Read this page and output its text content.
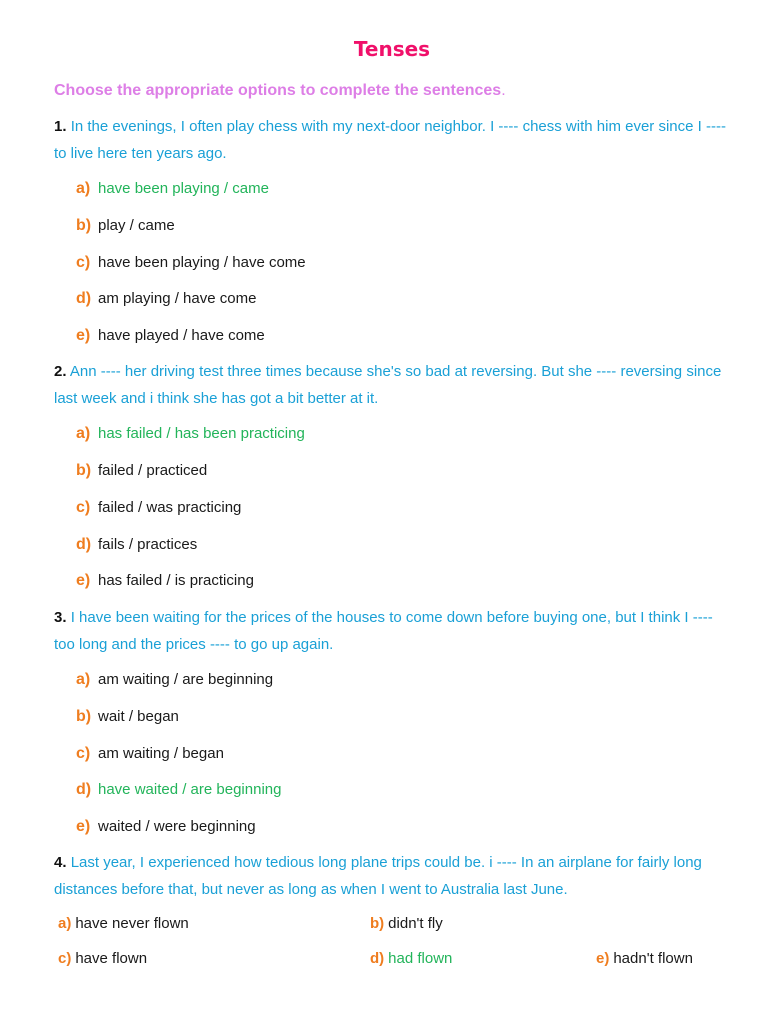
Tenses
Choose the appropriate options to complete the sentences.
1. In the evenings, I often play chess with my next-door neighbor. I ---- chess with him ever since I ---- to live here ten years ago.
a) have been playing / came
b) play / came
c) have been playing / have come
d) am playing / have come
e) have played / have come
2. Ann ---- her driving test three times because she's so bad at reversing. But she ---- reversing since last week and i think she has got a bit better at it.
a) has failed / has been practicing
b) failed / practiced
c) failed / was practicing
d) fails / practices
e) has failed / is practicing
3. I have been waiting for the prices of the houses to come down before buying one, but I think I ---- too long and the prices ---- to go up again.
a) am waiting / are beginning
b) wait / began
c) am waiting / began
d) have waited / are beginning
e) waited / were beginning
4. Last year, I experienced how tedious long plane trips could be. i ---- In an airplane for fairly long distances before that, but never as long as when I went to Australia last June.
a) have never flown	b) didn't fly
c) have flown	d) had flown	e) hadn't flown
